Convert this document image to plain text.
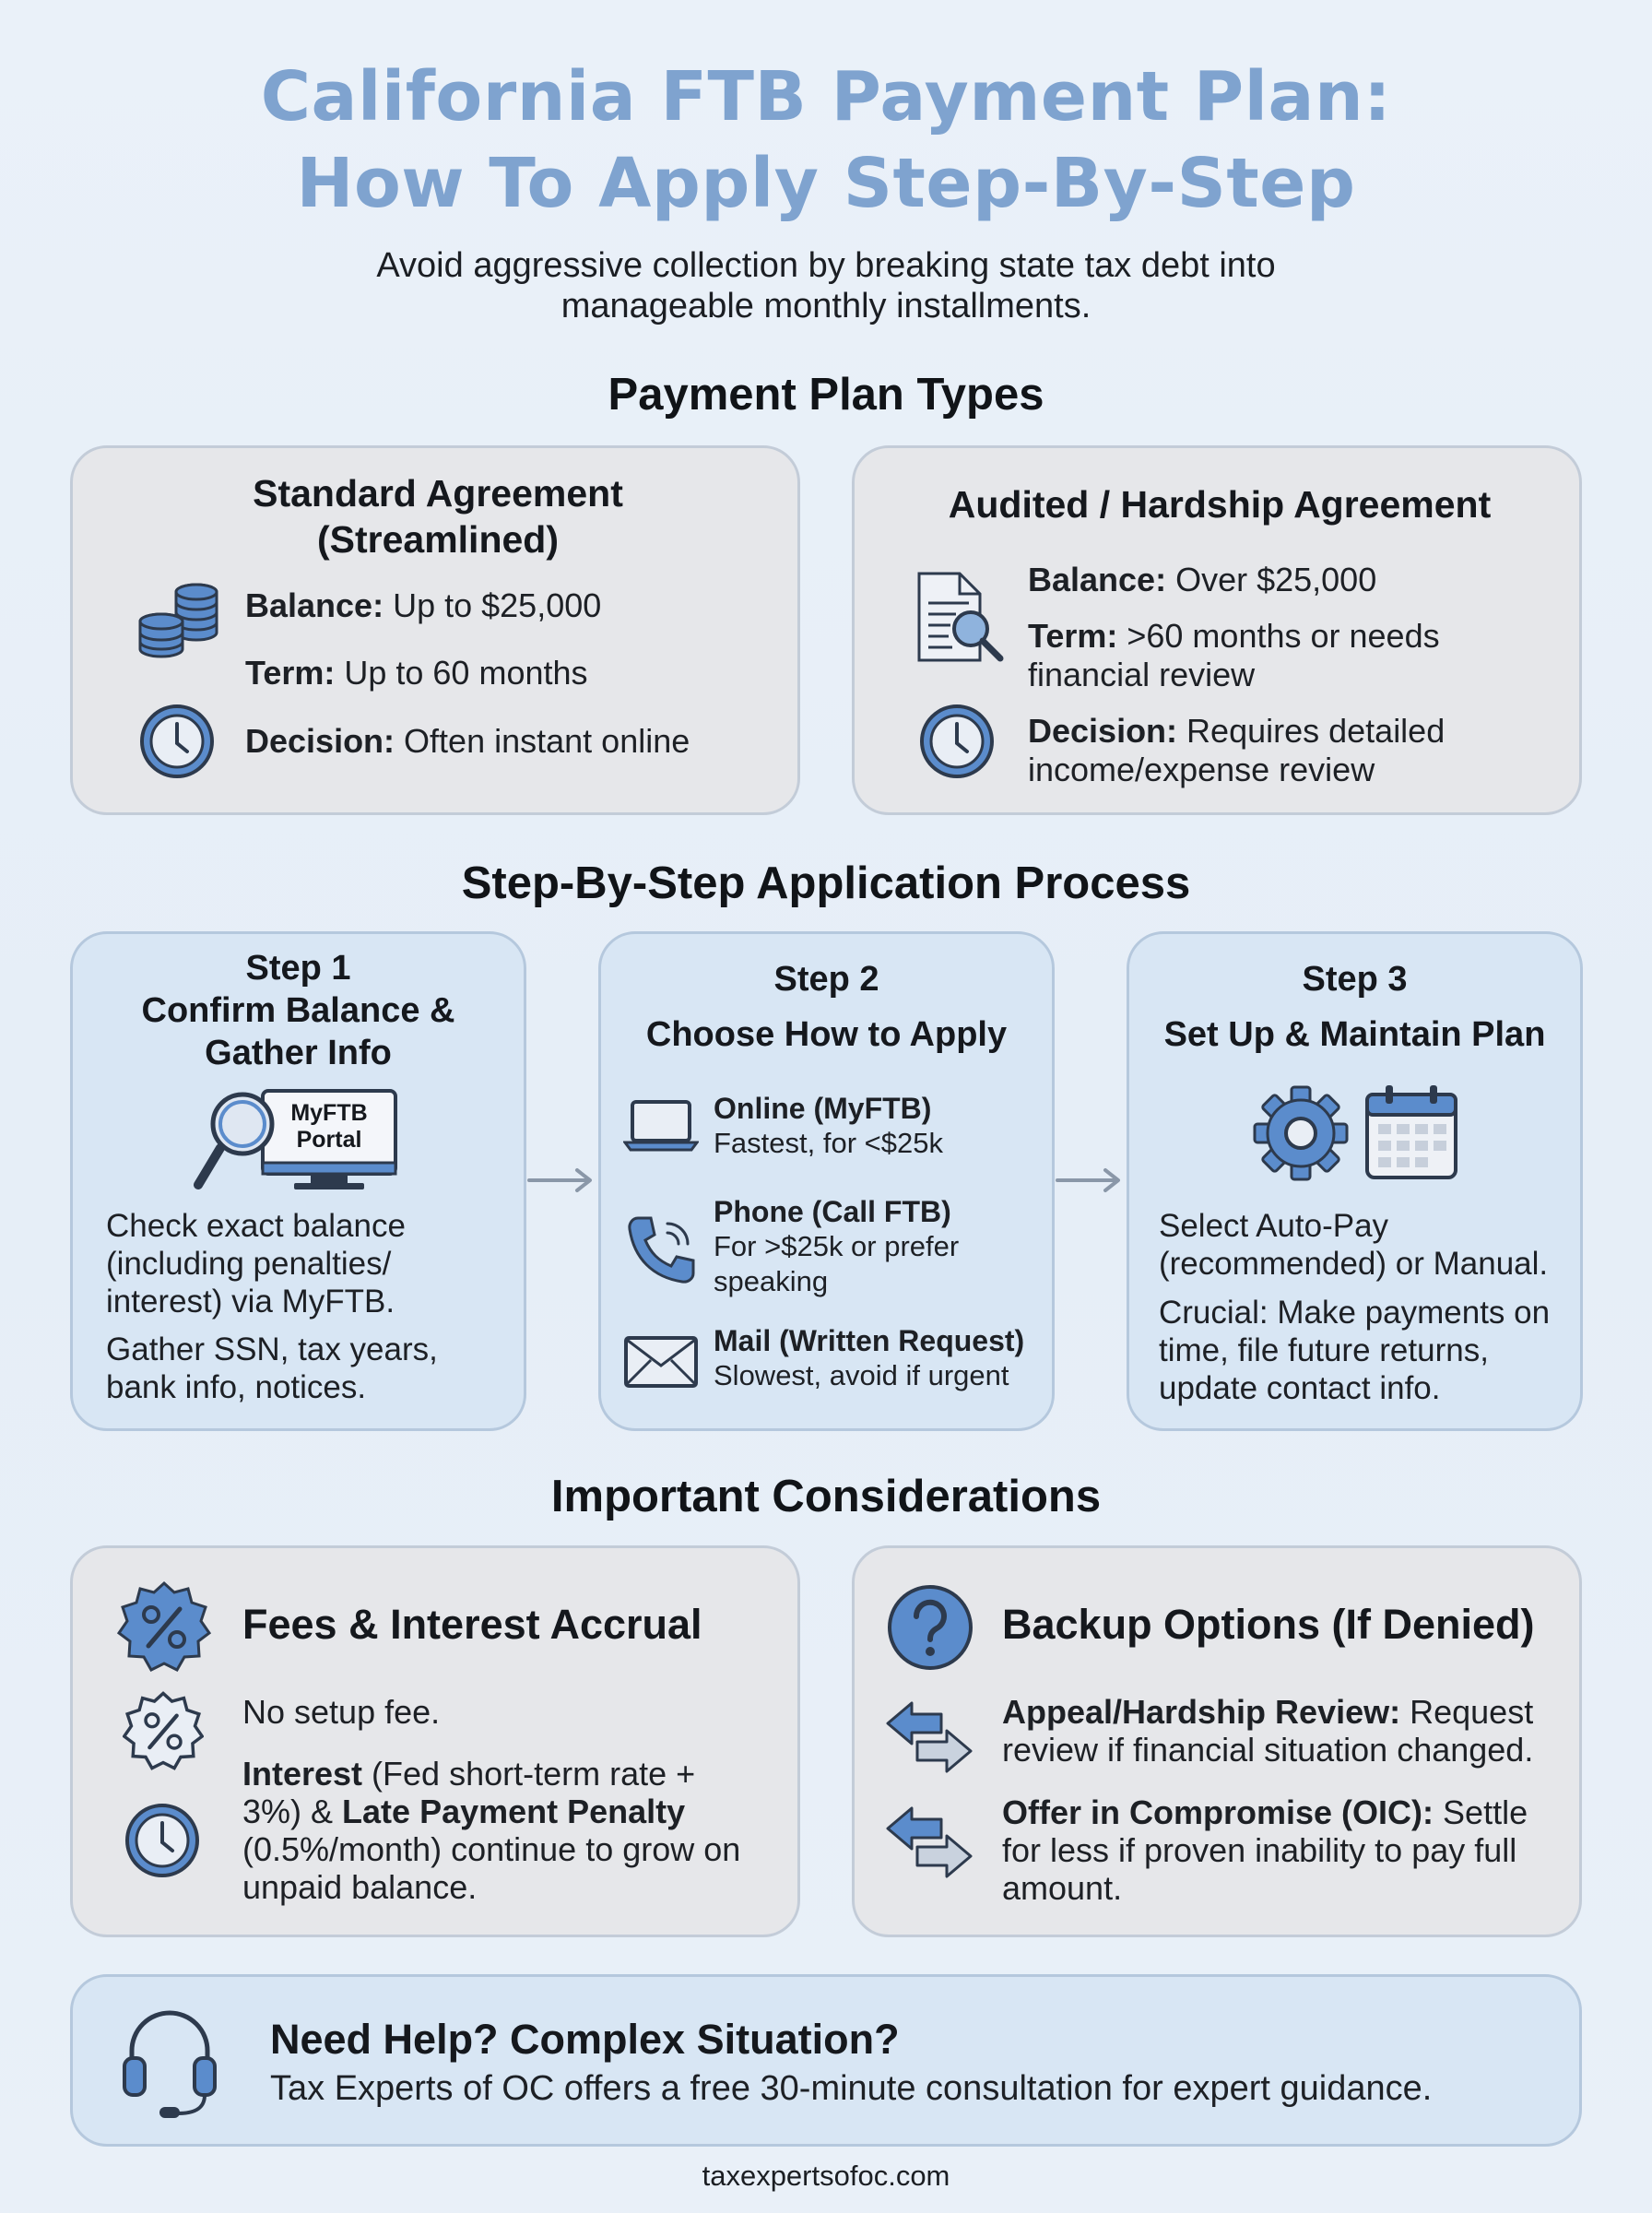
California FTB Payment Plan:
How To Apply Step-By-Step
Avoid aggressive collection by breaking state tax debt into
manageable monthly installments.
Payment Plan Types
Standard Agreement
(Streamlined)
Balance: Up to $25,000
Term: Up to 60 months
Decision: Often instant online
Audited / Hardship Agreement
Balance: Over $25,000
Term: >60 months or needs
financial review
Decision: Requires detailed
income/expense review
Step-By-Step Application Process
Step 1
Confirm Balance &
Gather Info
MyFTB
Portal
Check exact balance
(including penalties/
interest) via MyFTB.
Gather SSN, tax years,
bank info, notices.
Step 2
Choose How to Apply
Online (MyFTB)
Fastest, for <$25k
Phone (Call FTB)
For >$25k or prefer
speaking
Mail (Written Request)
Slowest, avoid if urgent
Step 3
Set Up & Maintain Plan
Select Auto-Pay
(recommended) or Manual.
Crucial: Make payments on
time, file future returns,
update contact info.
Important Considerations
Fees & Interest Accrual
No setup fee.
Interest (Fed short-term rate +
3%) & Late Payment Penalty
(0.5%/month) continue to grow on
unpaid balance.
Backup Options (If Denied)
Appeal/Hardship Review: Request
review if financial situation changed.
Offer in Compromise (OIC): Settle
for less if proven inability to pay full
amount.
Need Help? Complex Situation?
Tax Experts of OC offers a free 30-minute consultation for expert guidance.
taxexpertsofoc.com
